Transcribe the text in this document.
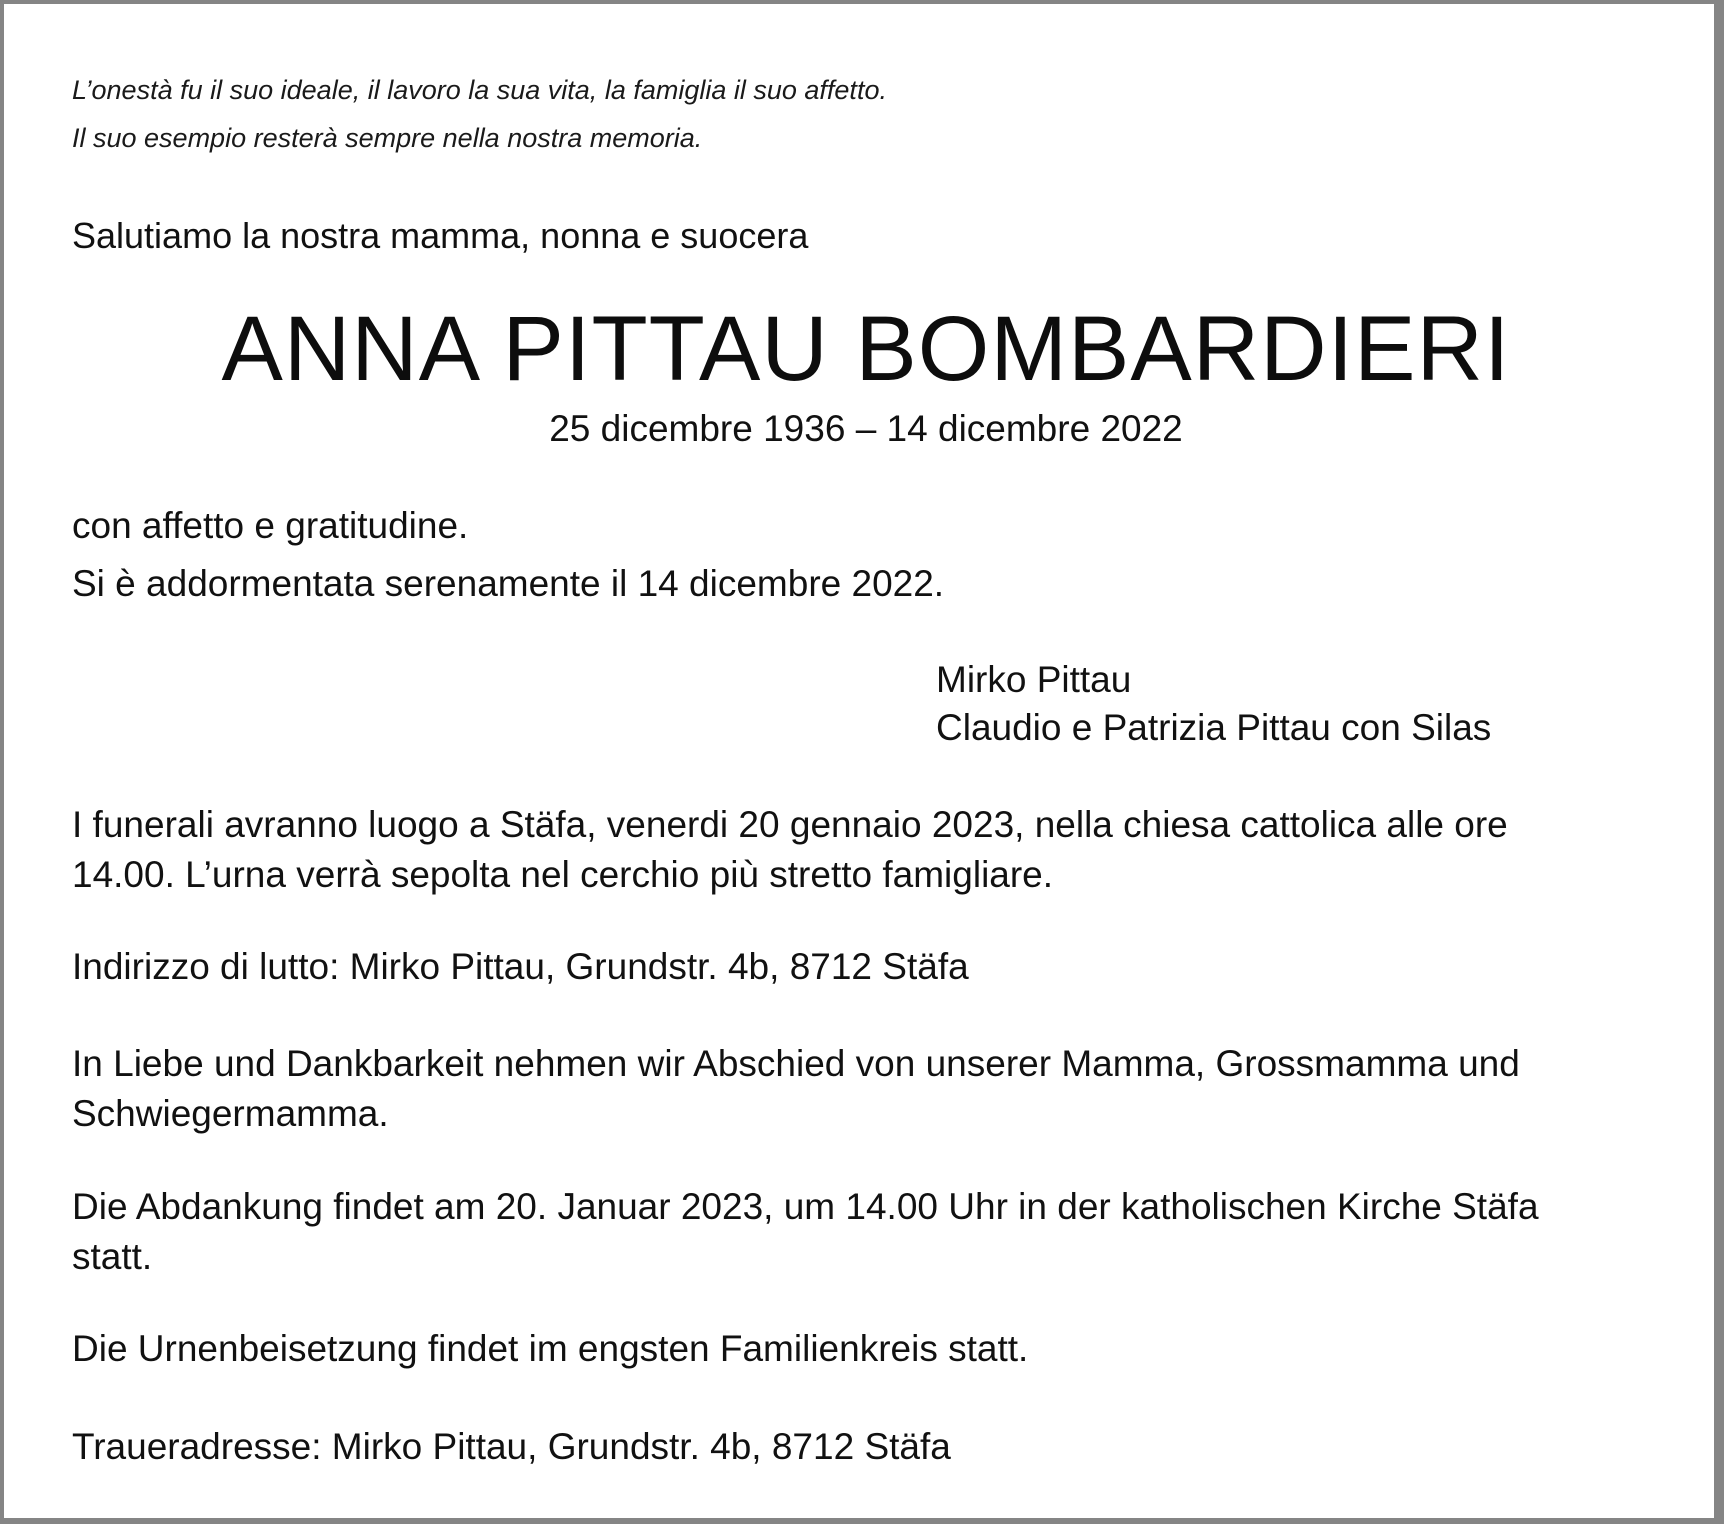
L’onestà fu il suo ideale, il lavoro la sua vita, la famiglia il suo affetto.
Il suo esempio resterà sempre nella nostra memoria.
Salutiamo la nostra mamma, nonna e suocera
ANNA PITTAU BOMBARDIERI
25 dicembre 1936 – 14 dicembre 2022
con affetto e gratitudine.
Si è addormentata serenamente il 14 dicembre 2022.
Mirko Pittau
Claudio e Patrizia Pittau con Silas
I funerali avranno luogo a Stäfa, venerdi 20 gennaio 2023, nella chiesa cattolica alle ore
14.00. L’urna verrà sepolta nel cerchio più stretto famigliare.
Indirizzo di lutto: Mirko Pittau, Grundstr. 4b, 8712 Stäfa
In Liebe und Dankbarkeit nehmen wir Abschied von unserer Mamma, Grossmamma und
Schwiegermamma.
Die Abdankung findet am 20. Januar 2023, um 14.00 Uhr in der katholischen Kirche Stäfa
statt.
Die Urnenbeisetzung findet im engsten Familienkreis statt.
Traueradresse: Mirko Pittau, Grundstr. 4b, 8712 Stäfa
